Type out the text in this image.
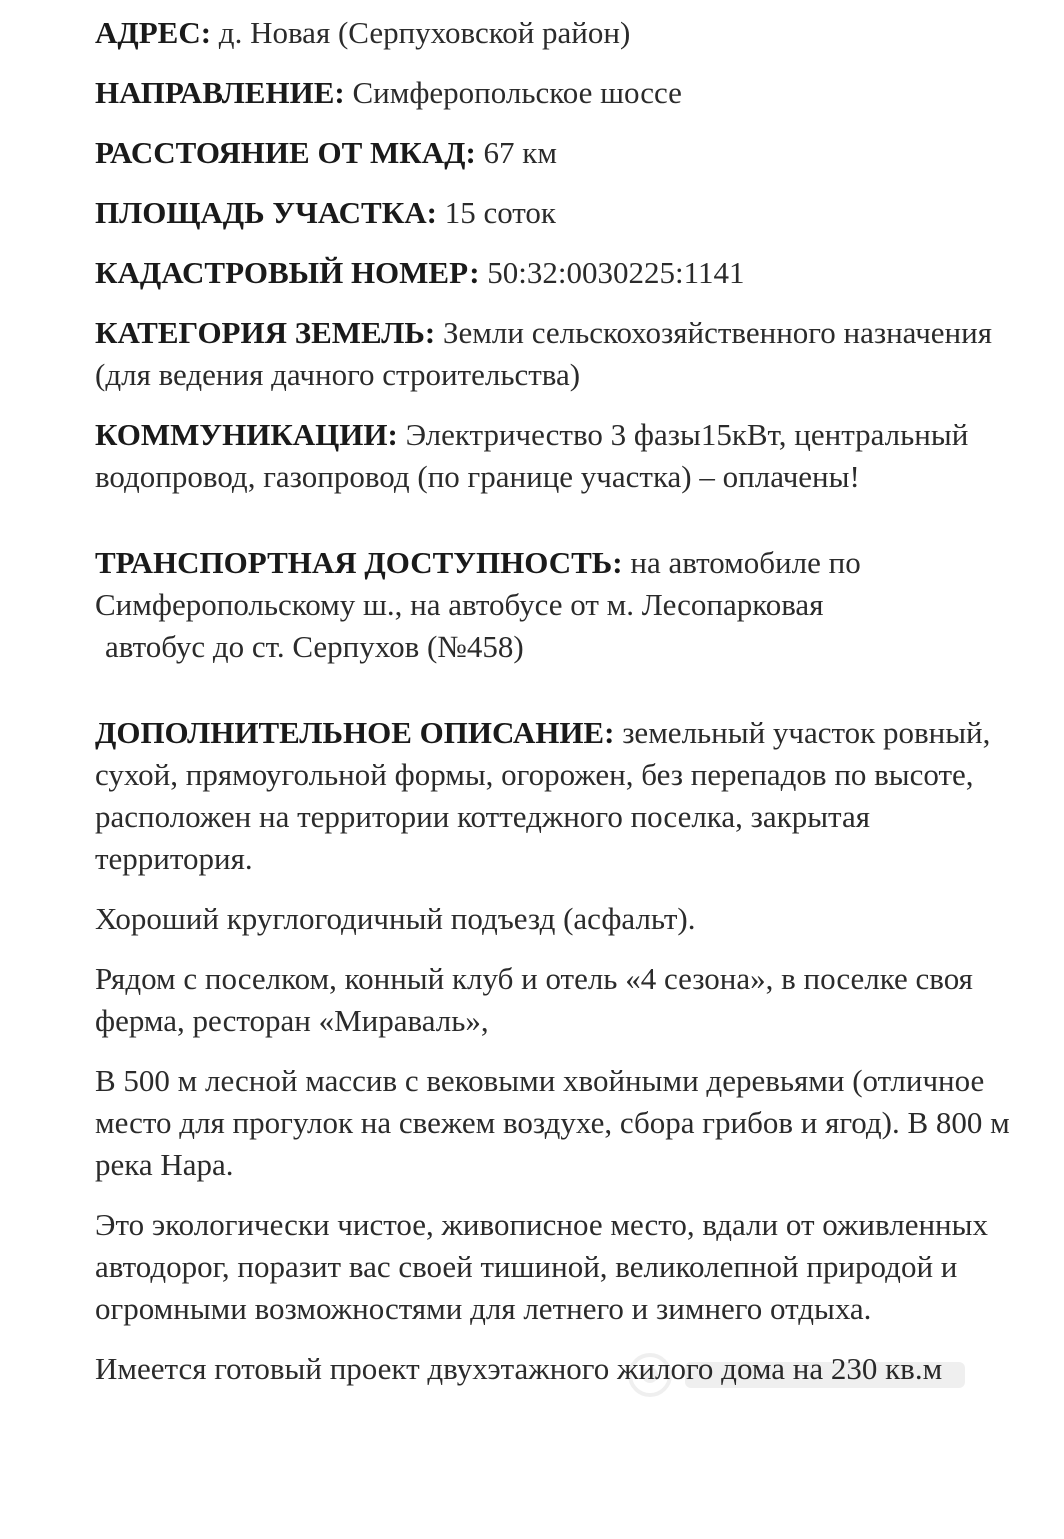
АДРЕС: д. Новая (Серпуховской район)

НАПРАВЛЕНИЕ: Симферопольское шоссе

РАССТОЯНИЕ ОТ МКАД: 67 км

ПЛОЩАДЬ УЧАСТКА: 15 соток

КАДАСТРОВЫЙ НОМЕР: 50:32:0030225:1141

КАТЕГОРИЯ ЗЕМЕЛЬ: Земли сельскохозяйственного назначения (для ведения дачного строительства)

КОММУНИКАЦИИ: Электричество 3 фазы15кВт, центральный водопровод, газопровод (по границе участка) – оплачены!

ТРАНСПОРТНАЯ ДОСТУПНОСТЬ: на автомобиле по Симферопольскому ш., на автобусе от м. Лесопарковая
автобус до ст. Серпухов (№458)

ДОПОЛНИТЕЛЬНОЕ ОПИСАНИЕ: земельный участок ровный, сухой, прямоугольной формы, огорожен, без перепадов по высоте, расположен на территории коттеджного поселка, закрытая территория.

Хороший круглогодичный подъезд (асфальт).

Рядом с поселком, конный клуб и отель «4 сезона», в поселке своя ферма, ресторан «Мираваль»,

В 500 м лесной массив с вековыми хвойными деревьями (отличное место для прогулок на свежем воздухе, сбора грибов и ягод). В 800 м река Нара.

Это экологически чистое, живописное место, вдали от оживленных автодорог, поразит вас своей тишиной, великолепной природой и огромными возможностями для летнего и зимнего отдыха.

Имеется готовый проект двухэтажного жилого дома на 230 кв.м
